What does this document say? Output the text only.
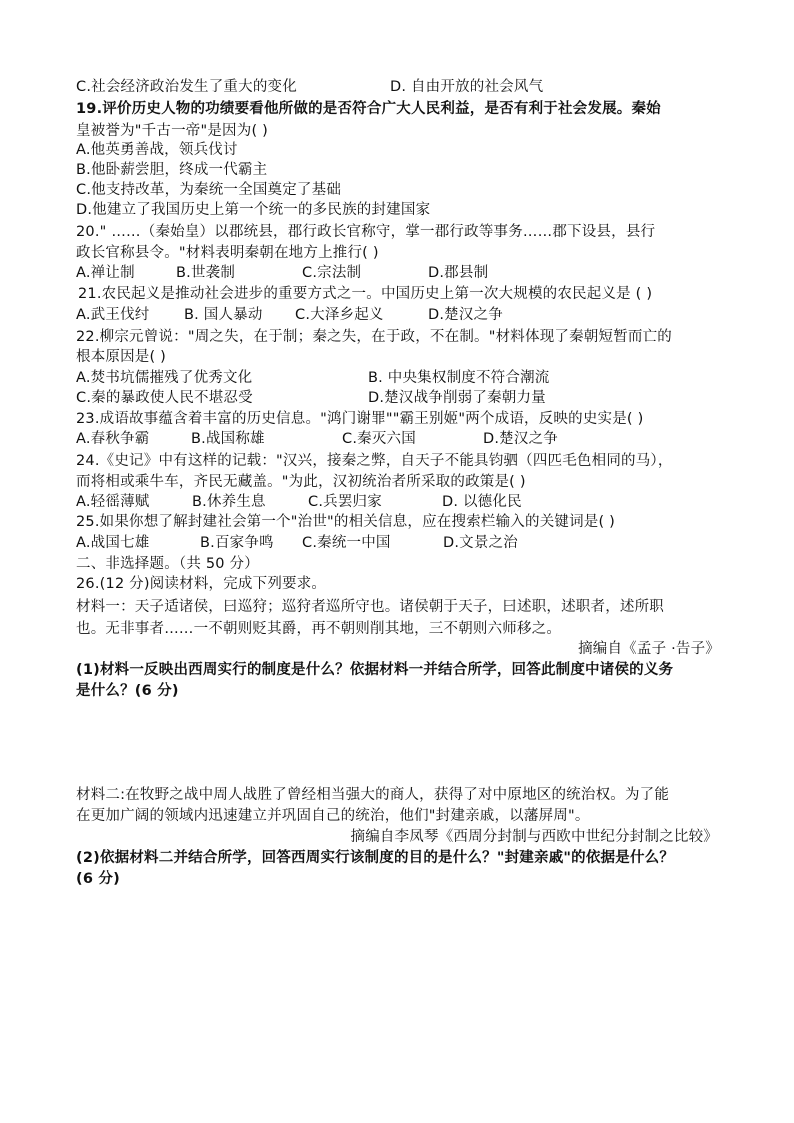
C.社会经济政治发生了重大的变化	D. 自由开放的社会风气
19.评价历史人物的功绩要看他所做的是否符合广大人民利益，是否有利于社会发展。秦始
皇被誉为"千古一帝"是因为( )
A.他英勇善战，领兵伐讨
B.他卧薪尝胆，终成一代霸主
C.他支持改革，为秦统一全国奠定了基础
D.他建立了我国历史上第一个统一的多民族的封建国家
20." ……（秦始皇）以郡统县，郡行政长官称守，掌一郡行政等事务……郡下设县，县行
政长官称县令。"材料表明秦朝在地方上推行( )
A.禅让制	B.世袭制	C.宗法制	D.郡县制
21.农民起义是推动社会进步的重要方式之一。中国历史上第一次大规模的农民起义是 ( )
A.武王伐纣 B. 国人暴动 C.大泽乡起义	D.楚汉之争
22.柳宗元曾说："周之失，在于制；秦之失，在于政，不在制。"材料体现了秦朝短暂而亡的
根本原因是( )
A.焚书坑儒摧残了优秀文化	B. 中央集权制度不符合潮流
C.秦的暴政使人民不堪忍受	D.楚汉战争削弱了秦朝力量
23.成语故事蕴含着丰富的历史信息。"鸿门谢罪""霸王别姬"两个成语，反映的史实是( )
A.春秋争霸	B.战国称雄	C.秦灭六国	D.楚汉之争
24.《史记》中有这样的记载："汉兴，接秦之弊，自天子不能具钧驷（四匹毛色相同的马），
而将相或乘牛车，齐民无藏盖。"为此，汉初统治者所采取的政策是( )
A.轻徭薄赋	B.休养生息	C.兵罢归家	D. 以德化民
25.如果你想了解封建社会第一个"治世"的相关信息，应在搜索栏输入的关键词是( )
A.战国七雄	B.百家争鸣 C.秦统一中国	D.文景之治
二、非选择题。（共 50 分）
26.(12 分)阅读材料，完成下列要求。
材料一：天子适诸侯，曰巡狩；巡狩者巡所守也。诸侯朝于天子，曰述职，述职者，述所职
也。无非事者……一不朝则贬其爵，再不朝则削其地，三不朝则六师移之。
摘编自《孟子 ·告子》
(1)材料一反映出西周实行的制度是什么？依据材料一并结合所学，回答此制度中诸侯的义务
是什么？(6 分)
材料二:在牧野之战中周人战胜了曾经相当强大的商人，获得了对中原地区的统治权。为了能
在更加广阔的领域内迅速建立并巩固自己的统治，他们"封建亲戚，以藩屏周"。
摘编自李凤琴《西周分封制与西欧中世纪分封制之比较》
(2)依据材料二并结合所学，回答西周实行该制度的目的是什么？"封建亲戚"的依据是什么？
(6 分)
